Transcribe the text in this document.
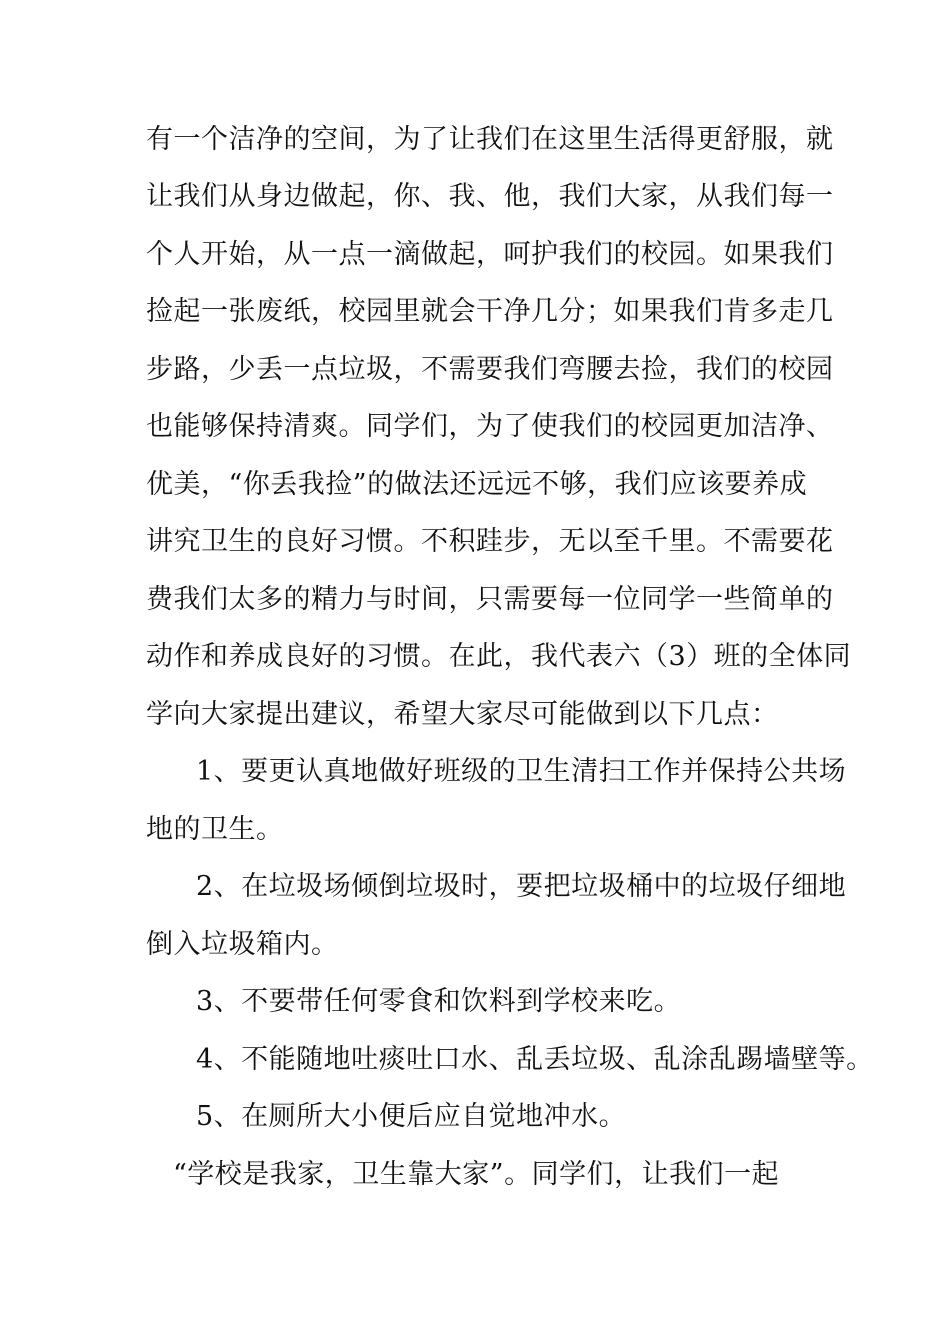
有一个洁净的空间，为了让我们在这里生活得更舒服，就
让我们从身边做起，你、我、他，我们大家，从我们每一
个人开始，从一点一滴做起，呵护我们的校园。如果我们
捡起一张废纸，校园里就会干净几分；如果我们肯多走几
步路，少丢一点垃圾，不需要我们弯腰去捡，我们的校园
也能够保持清爽。同学们，为了使我们的校园更加洁净、
优美，“你丢我捡”的做法还远远不够，我们应该要养成
讲究卫生的良好习惯。不积跬步，无以至千里。不需要花
费我们太多的精力与时间，只需要每一位同学一些简单的
动作和养成良好的习惯。在此，我代表六（3）班的全体同
学向大家提出建议，希望大家尽可能做到以下几点：
1、要更认真地做好班级的卫生清扫工作并保持公共场
地的卫生。
2、在垃圾场倾倒垃圾时，要把垃圾桶中的垃圾仔细地
倒入垃圾箱内。
3、不要带任何零食和饮料到学校来吃。
4、不能随地吐痰吐口水、乱丢垃圾、乱涂乱踢墙壁等。
5、在厕所大小便后应自觉地冲水。
“学校是我家，卫生靠大家”。同学们，让我们一起
